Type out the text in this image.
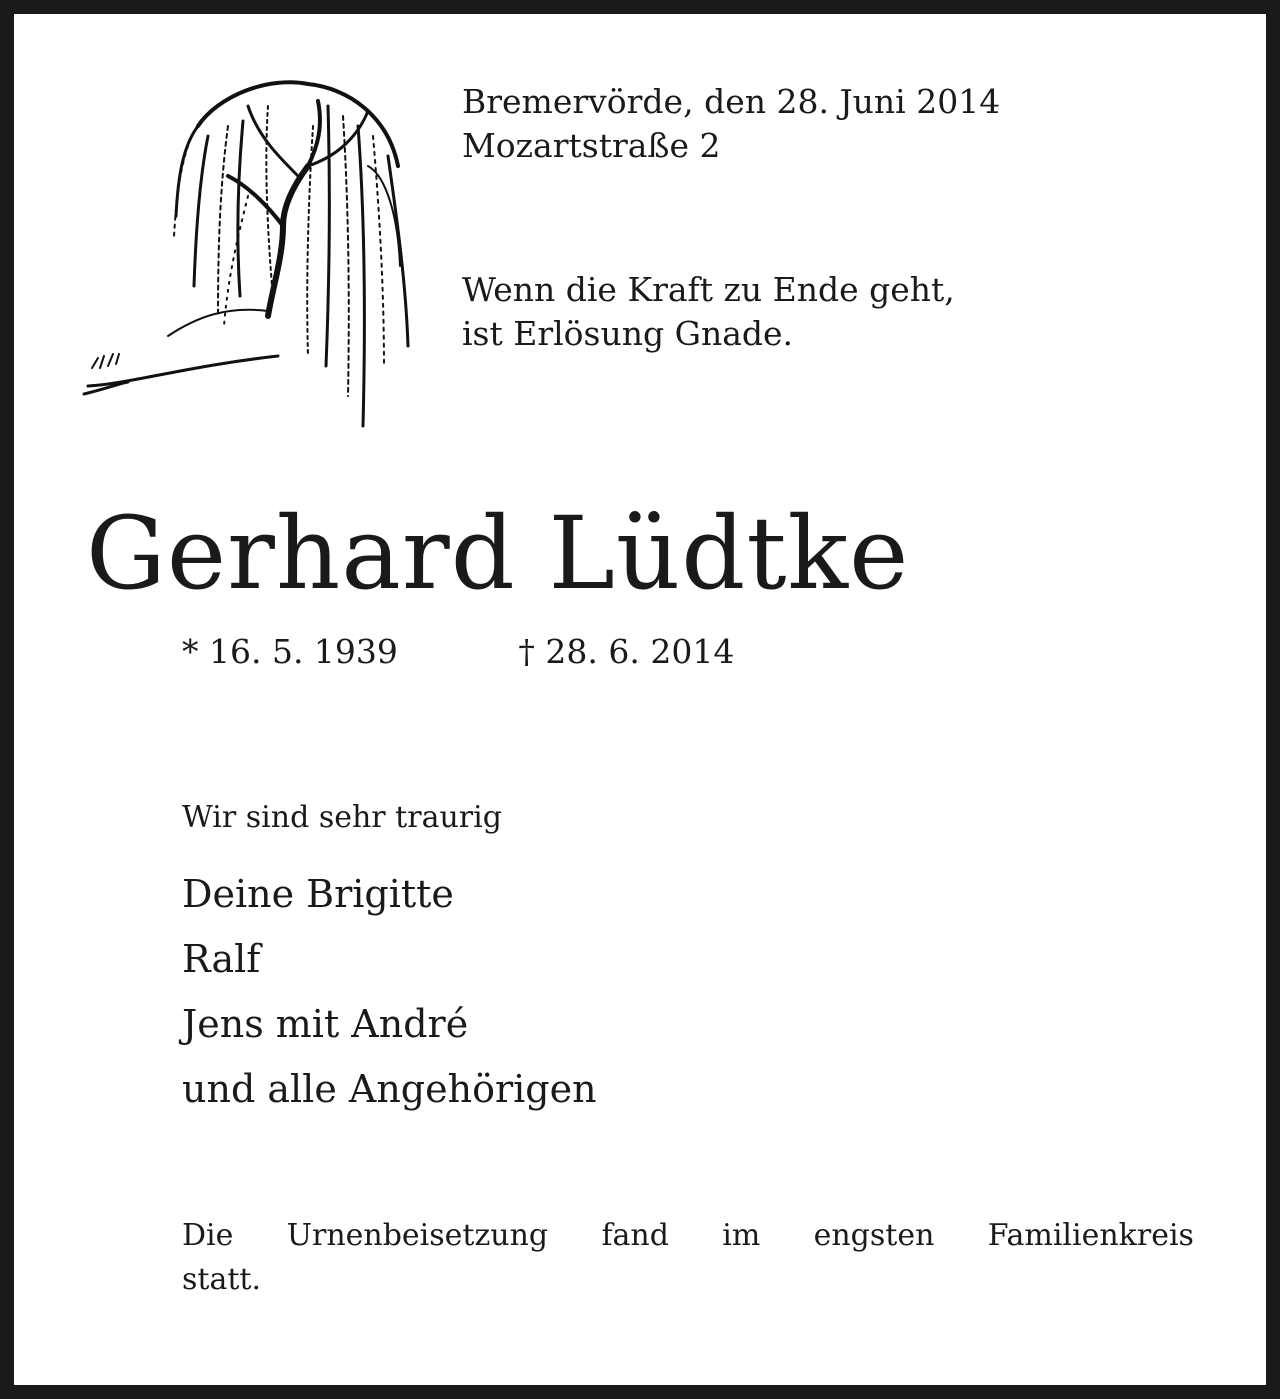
Bremervörde, den 28. Juni 2014
Mozartstraße 2
Wenn die Kraft zu Ende geht,
ist Erlösung Gnade.
Gerhard Lüdtke
* 16. 5. 1939	† 28. 6. 2014
Wir sind sehr traurig
Deine Brigitte
Ralf
Jens mit André
und alle Angehörigen
Die Urnenbeisetzung fand im engsten Familienkreis
statt.
